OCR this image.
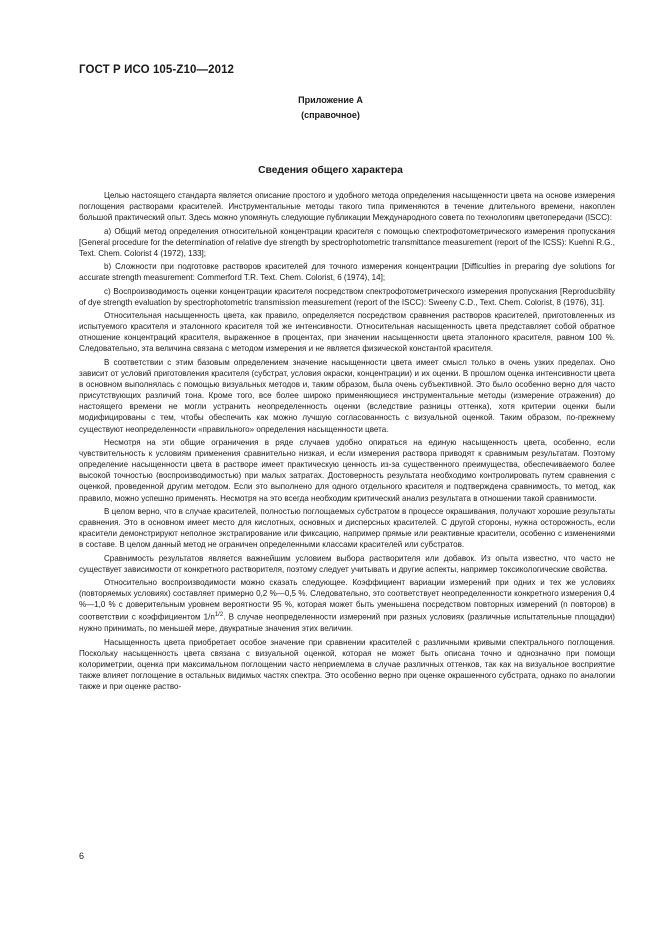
ГОСТ Р ИСО 105-Z10—2012
Приложение А
(справочное)
Сведения общего характера

Целью настоящего стандарта является описание простого и удобного метода определения насыщенности цвета на основе измерения поглощения растворами красителей. Инструментальные методы такого типа применяются в течение длительного времени, накоплен большой практический опыт. Здесь можно упомянуть следующие публикации Международного совета по технологиям цветопередачи (ISCC):

a) Общий метод определения относительной концентрации красителя с помощью спектрофотометрического измерения пропускания [General procedure for the determination of relative dye strength by spectrophotometric transmittance measurement (report of the ICSS): Kuehni R.G., Text. Chem. Colorist 4 (1972), 133];

b) Сложности при подготовке растворов красителей для точного измерения концентрации [Difficulties in preparing dye solutions for accurate strength measurement: Commerford T.R. Text. Chem. Colorist, 6 (1974), 14];

c) Воспроизводимость оценки концентрации красителя посредством спектрофотометрического измерения пропускания [Reproducibility of dye strength evaluation by spectrophotometric transmission measurement (report of the ISCC): Sweeny C.D., Text. Chem. Colorist, 8 (1976), 31].

Относительная насыщенность цвета, как правило, определяется посредством сравнения растворов красителей, приготовленных из испытуемого красителя и эталонного красителя той же интенсивности. Относительная насыщенность цвета представляет собой обратное отношение концентраций красителя, выраженное в процентах, при значении насыщенности цвета эталонного красителя, равном 100 %. Следовательно, эта величина связана с методом измерения и не является физической константой красителя.

В соответствии с этим базовым определением значение насыщенности цвета имеет смысл только в очень узких пределах. Оно зависит от условий приготовления красителя (субстрат, условия окраски, концентрации) и их оценки. В прошлом оценка интенсивности цвета в основном выполнялась с помощью визуальных методов и, таким образом, была очень субъективной. Это было особенно верно для часто присутствующих различий тона. Кроме того, все более широко применяющиеся инструментальные методы (измерение отражения) до настоящего времени не могли устранить неопределенность оценки (вследствие разницы оттенка), хотя критерии оценки были модифицированы с тем, чтобы обеспечить как можно лучшую согласованность с визуальной оценкой. Таким образом, по-прежнему существуют неопределенности «правильного» определения насыщенности цвета.

Несмотря на эти общие ограничения в ряде случаев удобно опираться на единую насыщенность цвета, особенно, если чувствительность к условиям применения сравнительно низкая, и если измерения раствора приводят к сравнимым результатам. Поэтому определение насыщенности цвета в растворе имеет практическую ценность из-за существенного преимущества, обеспечиваемого более высокой точностью (воспроизводимостью) при малых затратах. Достоверность результата необходимо контролировать путем сравнения с оценкой, проведенной другим методом. Если это выполнено для одного отдельного красителя и подтверждена сравнимость, то метод, как правило, можно успешно применять. Несмотря на это всегда необходим критический анализ результата в отношении такой сравнимости.

В целом верно, что в случае красителей, полностью поглощаемых субстратом в процессе окрашивания, получают хорошие результаты сравнения. Это в основном имеет место для кислотных, основных и дисперсных красителей. С другой стороны, нужна осторожность, если красители демонстрируют неполное экстрагирование или фиксацию, например прямые или реактивные красители, особенно с изменениями в составе. В целом данный метод не ограничен определенными классами красителей или субстратов.

Сравнимость результатов является важнейшим условием выбора растворителя или добавок. Из опыта известно, что часто не существует зависимости от конкретного растворителя, поэтому следует учитывать и другие аспекты, например токсикологические свойства.

Относительно воспроизводимости можно сказать следующее. Коэффициент вариации измерений при одних и тех же условиях (повторяемых условиях) составляет примерно 0,2 %—0,5 %. Следовательно, это соответствует неопределенности конкретного измерения 0,4 %—1,0 % с доверительным уровнем вероятности 95 %, которая может быть уменьшена посредством повторных измерений (n повторов) в соответствии с коэффициентом $1/n^{1/2}$. В случае неопределенности измерений при разных условиях (различные испытательные площадки) нужно принимать, по меньшей мере, двукратные значения этих величин.

Насыщенность цвета приобретает особое значение при сравнении красителей с различными кривыми спектрального поглощения. Поскольку насыщенность цвета связана с визуальной оценкой, которая не может быть описана точно и однозначно при помощи колориметрии, оценка при максимальном поглощении часто неприемлема в случае различных оттенков, так как на визуальное восприятие также влияет поглощение в остальных видимых частях спектра. Это особенно верно при оценке окрашенного субстрата, однако по аналогии также и при оценке раство-

6
